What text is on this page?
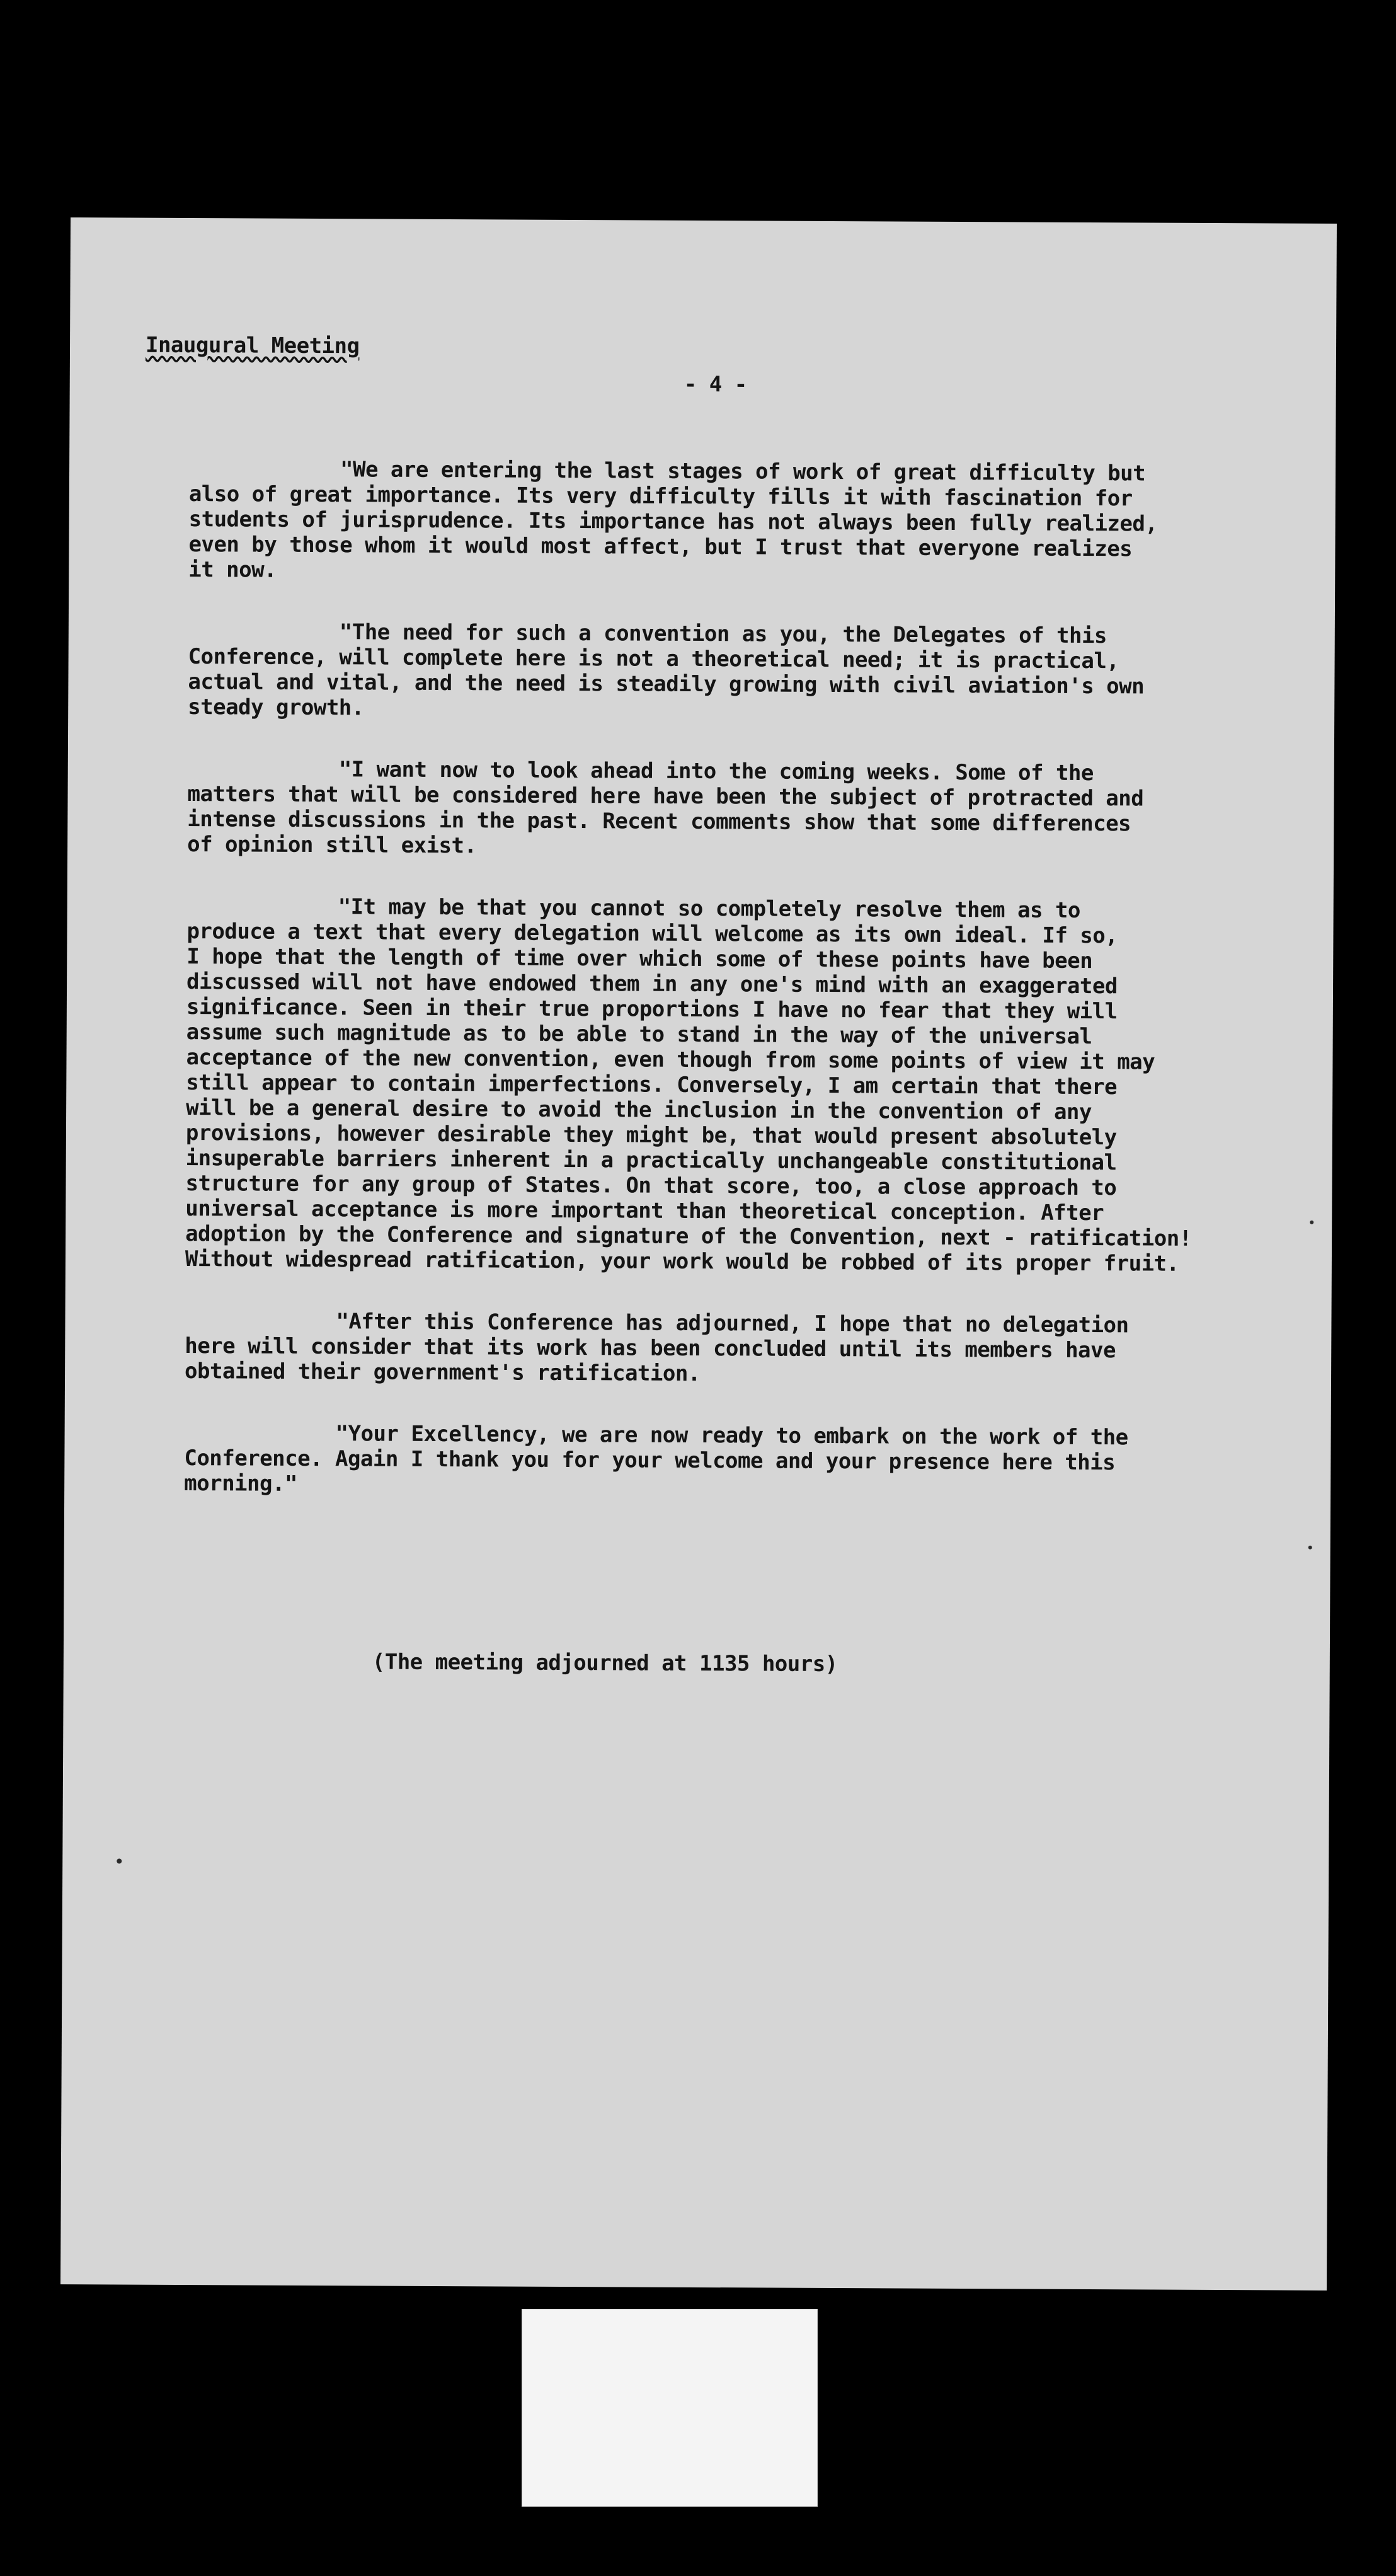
Inaugural Meeting
- 4 -
"We are entering the last stages of work of great difficulty but
also of great importance. Its very difficulty fills it with fascination for
students of jurisprudence. Its importance has not always been fully realized,
even by those whom it would most affect, but I trust that everyone realizes
it now.
"The need for such a convention as you, the Delegates of this
Conference, will complete here is not a theoretical need; it is practical,
actual and vital, and the need is steadily growing with civil aviation's own
steady growth.
"I want now to look ahead into the coming weeks. Some of the
matters that will be considered here have been the subject of protracted and
intense discussions in the past. Recent comments show that some differences
of opinion still exist.
"It may be that you cannot so completely resolve them as to
produce a text that every delegation will welcome as its own ideal. If so,
I hope that the length of time over which some of these points have been
discussed will not have endowed them in any one's mind with an exaggerated
significance. Seen in their true proportions I have no fear that they will
assume such magnitude as to be able to stand in the way of the universal
acceptance of the new convention, even though from some points of view it may
still appear to contain imperfections. Conversely, I am certain that there
will be a general desire to avoid the inclusion in the convention of any
provisions, however desirable they might be, that would present absolutely
insuperable barriers inherent in a practically unchangeable constitutional
structure for any group of States. On that score, too, a close approach to
universal acceptance is more important than theoretical conception. After
adoption by the Conference and signature of the Convention, next - ratification!
Without widespread ratification, your work would be robbed of its proper fruit.
"After this Conference has adjourned, I hope that no delegation
here will consider that its work has been concluded until its members have
obtained their government's ratification.
"Your Excellency, we are now ready to embark on the work of the
Conference. Again I thank you for your welcome and your presence here this
morning."
(The meeting adjourned at 1135 hours)
